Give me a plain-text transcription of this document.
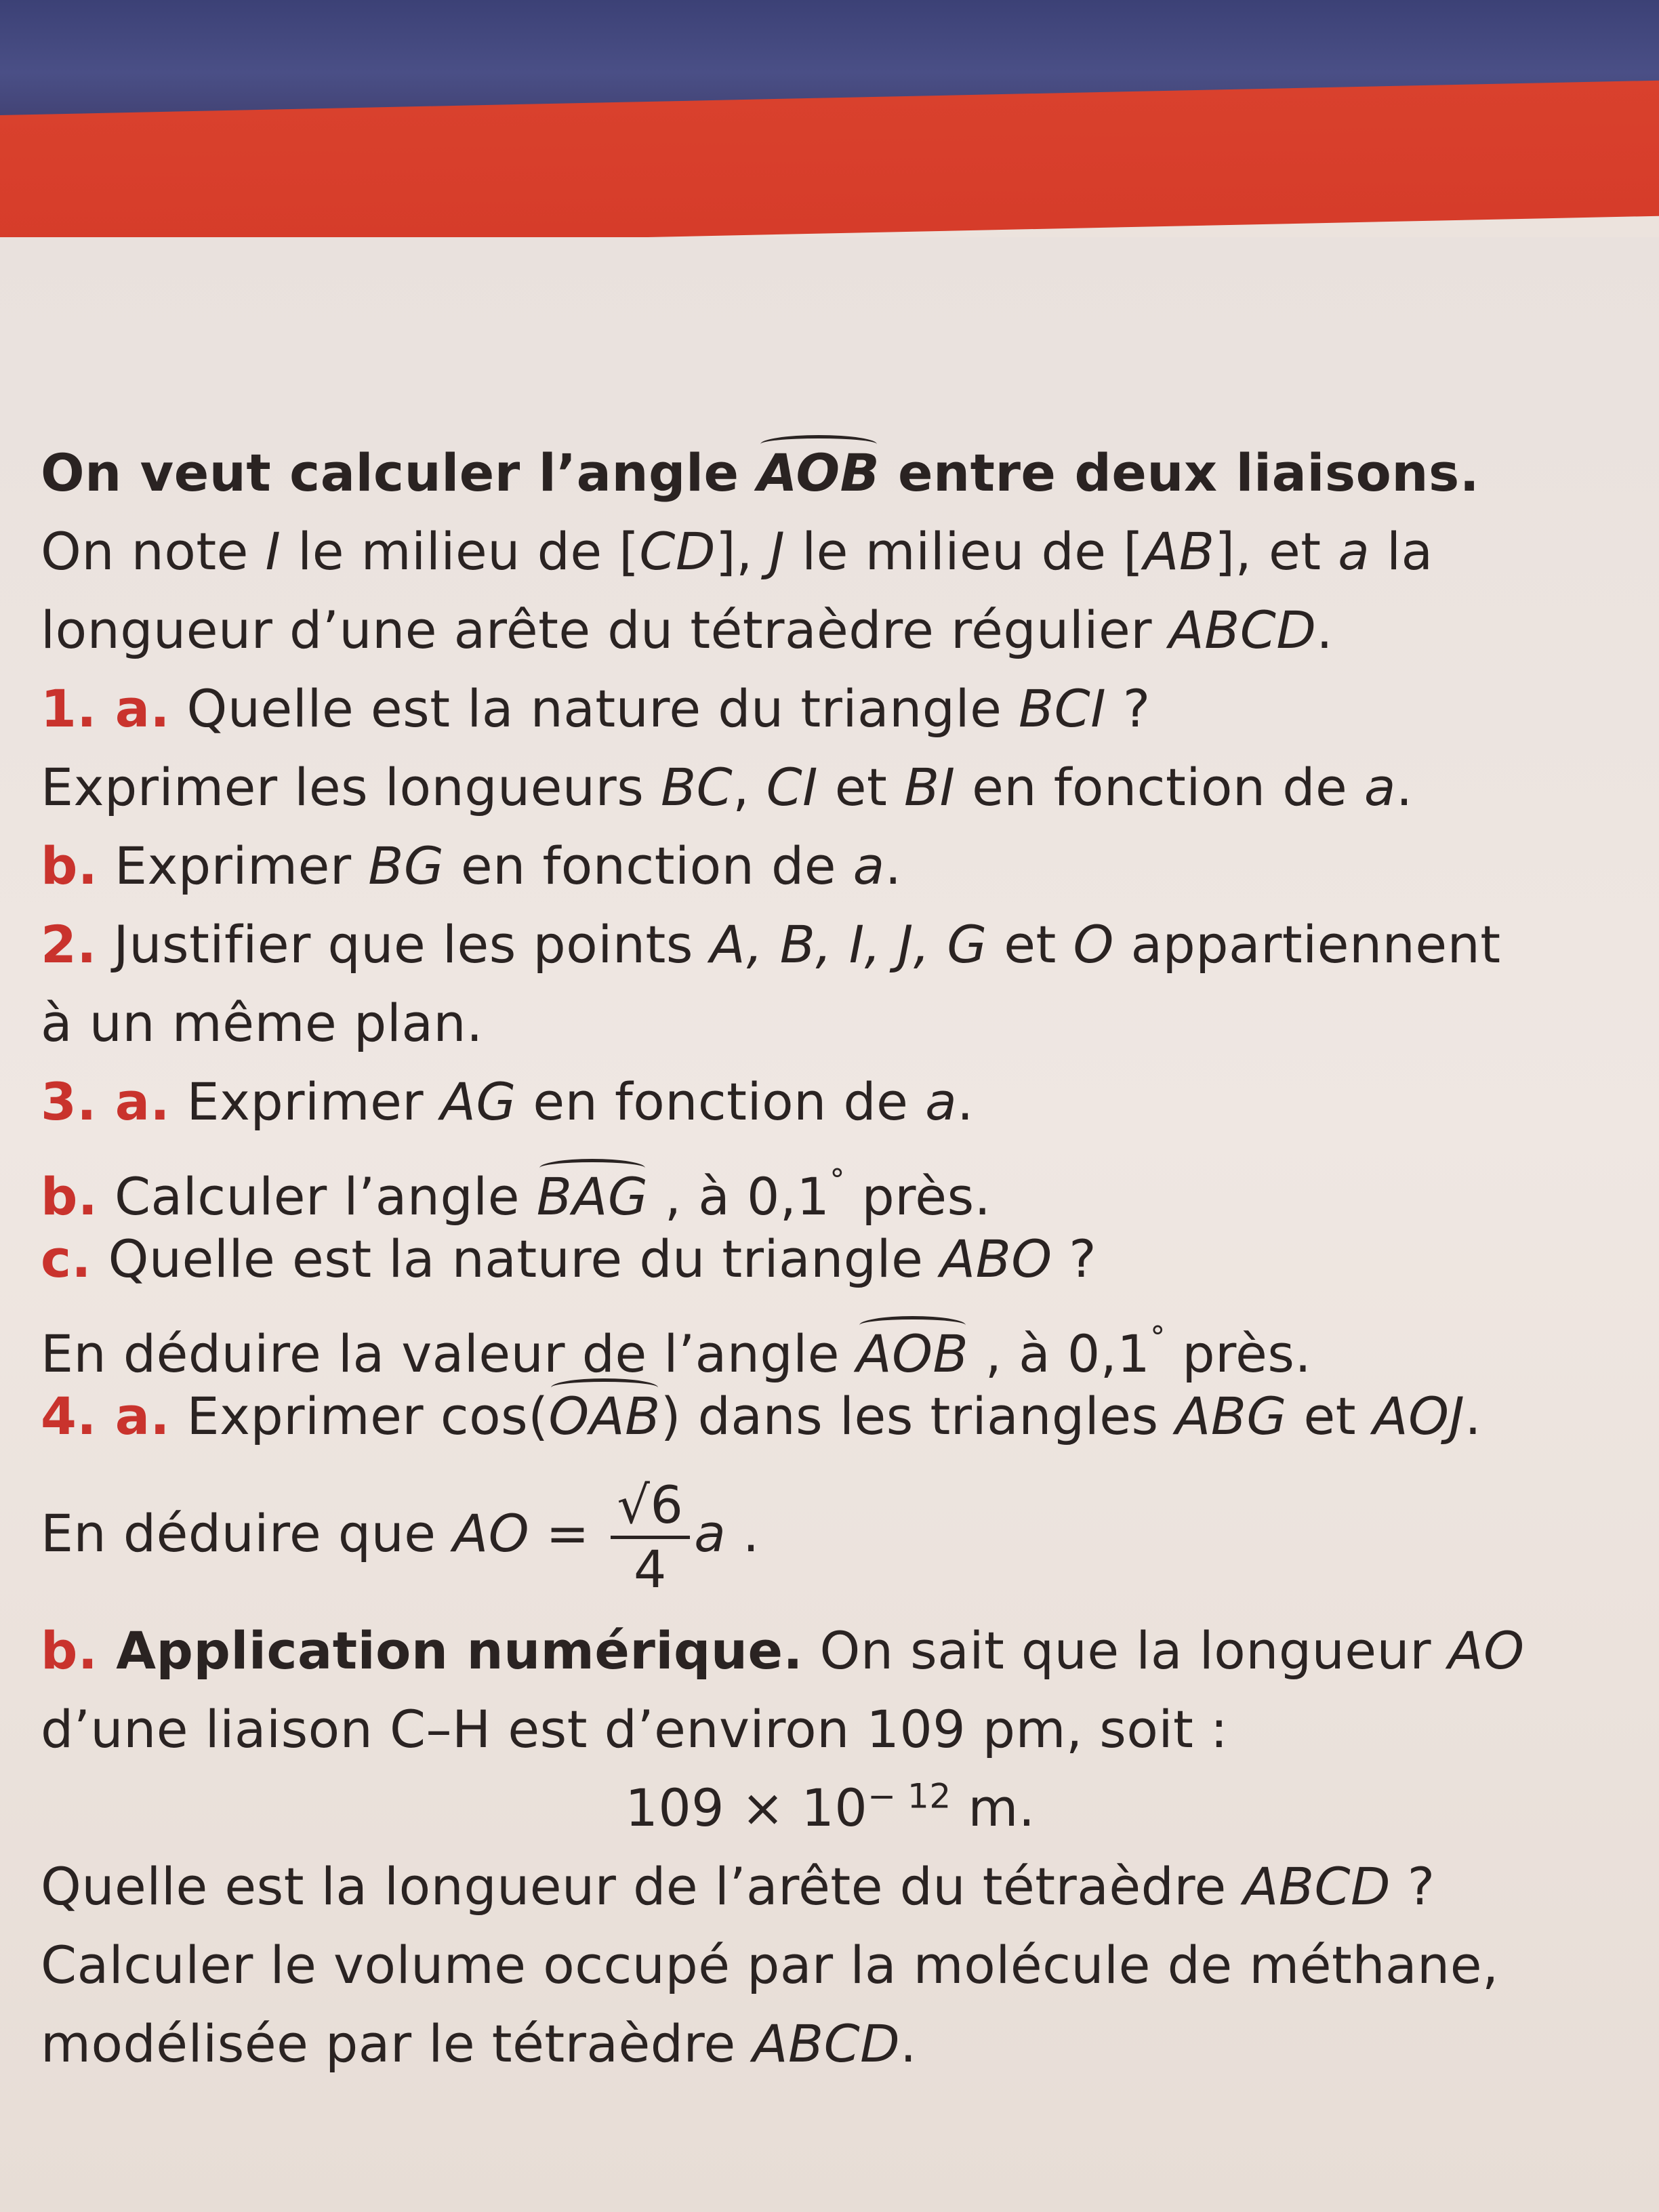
On veut calculer l’angle AOB entre deux liaisons.
On note I le milieu de [CD], J le milieu de [AB], et a la
longueur d’une arête du tétraèdre régulier ABCD.
1. a. Quelle est la nature du triangle BCI ?
Exprimer les longueurs BC, CI et BI en fonction de a.
b. Exprimer BG en fonction de a.
2. Justifier que les points A, B, I, J, G et O appartiennent
à un même plan.
3. a. Exprimer AG en fonction de a.
b. Calculer l’angle BAG , à 0,1° près.
c. Quelle est la nature du triangle ABO ?
En déduire la valeur de l’angle AOB , à 0,1° près.
4. a. Exprimer cos(OAB) dans les triangles ABG et AOJ.
En déduire que AO = $\frac{√6}{4}$ a .
b. Application numérique. On sait que la longueur AO
d’une liaison C–H est d’environ 109 pm, soit :
$109 \times 10^{- 12}$ m.
Quelle est la longueur de l’arête du tétraèdre ABCD ?
Calculer le volume occupé par la molécule de méthane,
modélisée par le tétraèdre ABCD.
